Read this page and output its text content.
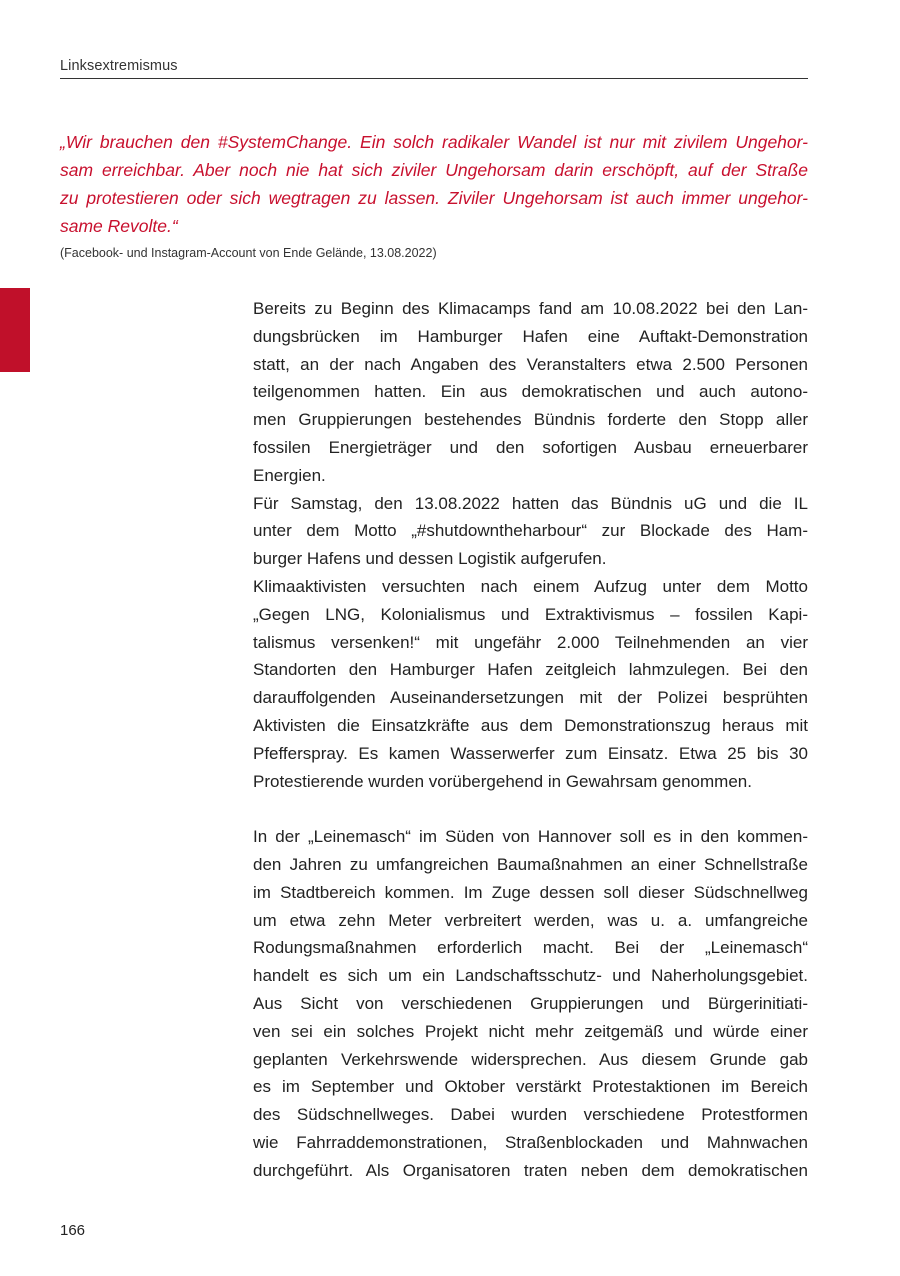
Linksextremismus
„Wir brauchen den #SystemChange. Ein solch radikaler Wandel ist nur mit zivilem Ungehor-
sam erreichbar. Aber noch nie hat sich ziviler Ungehorsam darin erschöpft, auf der Straße
zu protestieren oder sich wegtragen zu lassen. Ziviler Ungehorsam ist auch immer ungehor-
same Revolte.“
(Facebook- und Instagram-Account von Ende Gelände, 13.08.2022)
Bereits zu Beginn des Klimacamps fand am 10.08.2022 bei den Lan-
dungsbrücken im Hamburger Hafen eine Auftakt-Demonstration
statt, an der nach Angaben des Veranstalters etwa 2.500 Personen
teilgenommen hatten. Ein aus demokratischen und auch autono-
men Gruppierungen bestehendes Bündnis forderte den Stopp aller
fossilen Energieträger und den sofortigen Ausbau erneuerbarer
Energien.
Für Samstag, den 13.08.2022 hatten das Bündnis uG und die IL
unter dem Motto „#shutdowntheharbour“ zur Blockade des Ham-
burger Hafens und dessen Logistik aufgerufen.
Klimaaktivisten versuchten nach einem Aufzug unter dem Motto
„Gegen LNG, Kolonialismus und Extraktivismus – fossilen Kapi-
talismus versenken!“ mit ungefähr 2.000 Teilnehmenden an vier
Standorten den Hamburger Hafen zeitgleich lahmzulegen. Bei den
darauffolgenden Auseinandersetzungen mit der Polizei besprühten
Aktivisten die Einsatzkräfte aus dem Demonstrationszug heraus mit
Pfefferspray. Es kamen Wasserwerfer zum Einsatz. Etwa 25 bis 30
Protestierende wurden vorübergehend in Gewahrsam genommen.
In der „Leinemasch“ im Süden von Hannover soll es in den kommen-
den Jahren zu umfangreichen Baumaßnahmen an einer Schnellstraße
im Stadtbereich kommen. Im Zuge dessen soll dieser Südschnellweg
um etwa zehn Meter verbreitert werden, was u. a. umfangreiche
Rodungsmaßnahmen erforderlich macht. Bei der „Leinemasch“
handelt es sich um ein Landschaftsschutz- und Naherholungsgebiet.
Aus Sicht von verschiedenen Gruppierungen und Bürgerinitiati-
ven sei ein solches Projekt nicht mehr zeitgemäß und würde einer
geplanten Verkehrswende widersprechen. Aus diesem Grunde gab
es im September und Oktober verstärkt Protestaktionen im Bereich
des Südschnellweges. Dabei wurden verschiedene Protestformen
wie Fahrraddemonstrationen, Straßenblockaden und Mahnwachen
durchgeführt. Als Organisatoren traten neben dem demokratischen
166
